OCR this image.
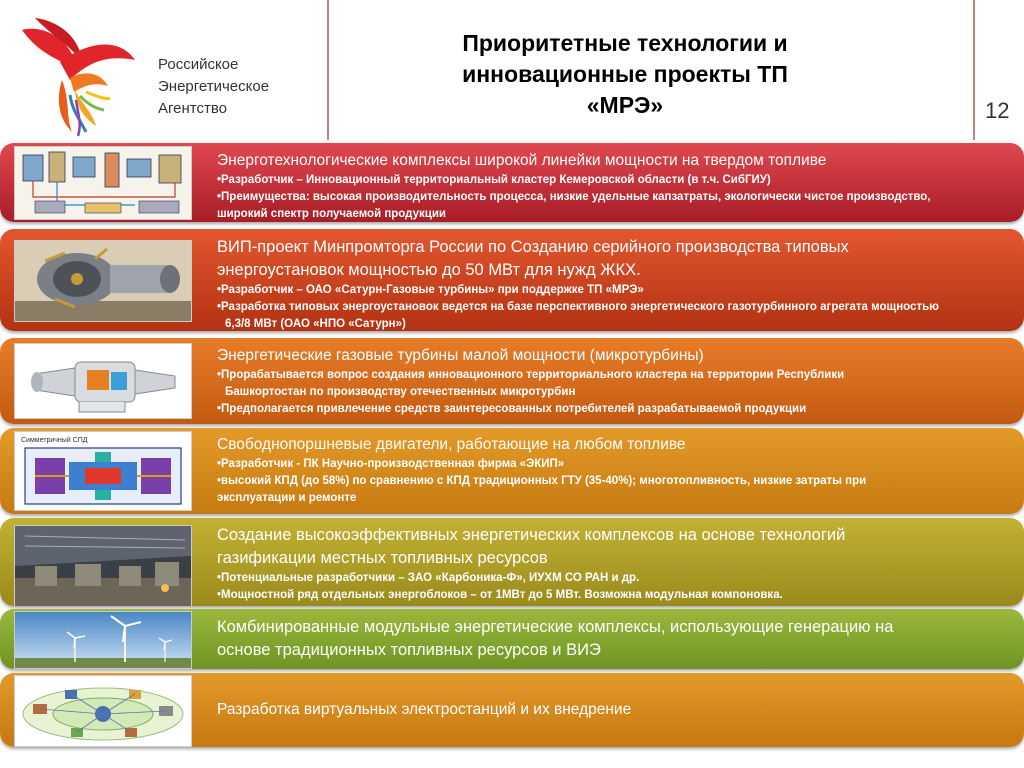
Российское
Энергетическое
Агентство
Приоритетные технологии и
инновационные проекты ТП
«МРЭ»	12
Энерготехнологические комплексы широкой линейки мощности на твердом топливе
•Разработчик – Инновационный территориальный кластер Кемеровской области (в т.ч. СибГИУ)
•Преимущества: высокая производительность процесса, низкие удельные капзатраты, экологически чистое производство,
широкий спектр получаемой продукции
ВИП-проект Минпромторга России по Созданию серийного производства типовых
энергоустановок мощностью до 50 МВт для нужд ЖКХ.
•Разработчик – ОАО «Сатурн-Газовые турбины» при поддержке ТП «МРЭ»
•Разработка типовых энергоустановок ведется на базе перспективного энергетического газотурбинного агрегата мощностью
6,3/8 МВт (ОАО «НПО «Сатурн»)
Энергетические газовые турбины малой мощности (микротурбины)
•Прорабатывается вопрос создания инновационного территориального кластера на территории Республики
Башкортостан по производству отечественных микротурбин
•Предполагается привлечение средств заинтересованных потребителей разрабатываемой продукции
Симметричный СПД	Свободнопоршневые двигатели, работающие на любом топливе
•Разработчик - ПК Научно-производственная фирма «ЭКИП»
•высокий КПД (до 58%) по сравнению с КПД традиционных ГТУ (35-40%); многотопливность, низкие затраты при
эксплуатации и ремонте
Создание высокоэффективных энергетических комплексов на основе технологий
газификации местных топливных ресурсов
•Потенциальные разработчики – ЗАО «Карбоника-Ф», ИУХМ СО РАН и др.
•Мощностной ряд отдельных энергоблоков – от 1МВт до 5 МВт. Возможна модульная компоновка.
Комбинированные модульные энергетические комплексы, использующие генерацию на
основе традиционных топливных ресурсов и ВИЭ
Разработка виртуальных электростанций и их внедрение
